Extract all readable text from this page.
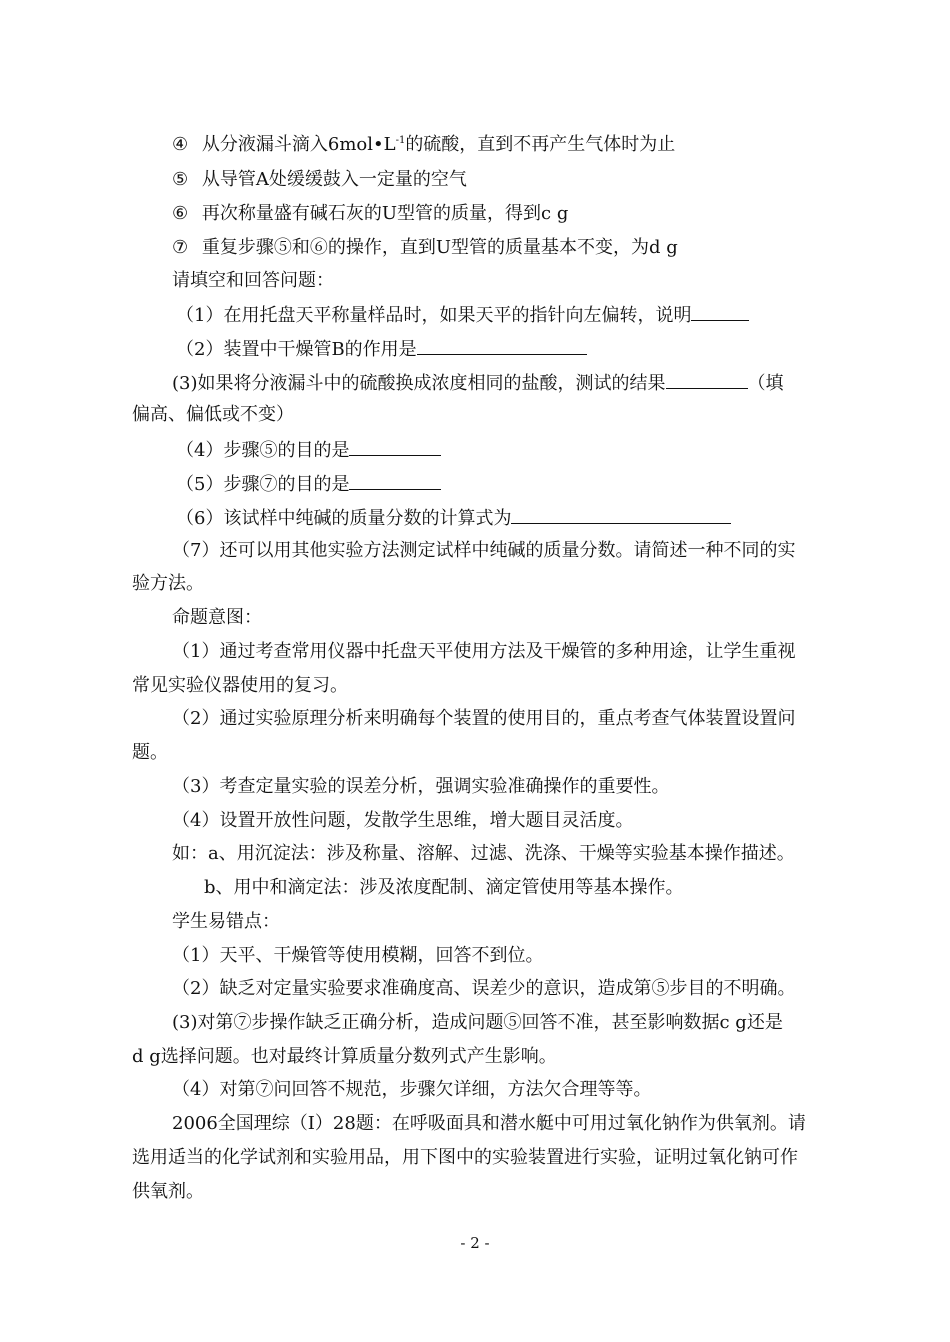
④ 从分液漏斗滴入$6mol•L^{-1}$的硫酸，直到不再产生气体时为止
⑤ 从导管A处缓缓鼓入一定量的空气
⑥ 再次称量盛有碱石灰的U型管的质量，得到c g
⑦ 重复步骤⑤和⑥的操作，直到U型管的质量基本不变，为d g
请填空和回答问题：
（1）在用托盘天平称量样品时，如果天平的指针向左偏转，说明
（2）装置中干燥管B的作用是
(3)如果将分液漏斗中的硫酸换成浓度相同的盐酸，测试的结果	（填
偏高、偏低或不变）
（4）步骤⑤的目的是
（5）步骤⑦的目的是
（6）该试样中纯碱的质量分数的计算式为
（7）还可以用其他实验方法测定试样中纯碱的质量分数。请简述一种不同的实
验方法。
命题意图：
（1）通过考查常用仪器中托盘天平使用方法及干燥管的多种用途，让学生重视
常见实验仪器使用的复习。
（2）通过实验原理分析来明确每个装置的使用目的，重点考查气体装置设置问
题。
（3）考查定量实验的误差分析，强调实验准确操作的重要性。
（4）设置开放性问题，发散学生思维，增大题目灵活度。
如：a、用沉淀法：涉及称量、溶解、过滤、洗涤、干燥等实验基本操作描述。
b、用中和滴定法：涉及浓度配制、滴定管使用等基本操作。
学生易错点：
（1）天平、干燥管等使用模糊，回答不到位。
（2）缺乏对定量实验要求准确度高、误差少的意识，造成第⑤步目的不明确。
(3)对第⑦步操作缺乏正确分析，造成问题⑤回答不准，甚至影响数据c g还是
d g选择问题。也对最终计算质量分数列式产生影响。
（4）对第⑦问回答不规范，步骤欠详细，方法欠合理等等。
2006全国理综（I）28题：在呼吸面具和潜水艇中可用过氧化钠作为供氧剂。请
选用适当的化学试剂和实验用品，用下图中的实验装置进行实验，证明过氧化钠可作
供氧剂。
- 2 -
